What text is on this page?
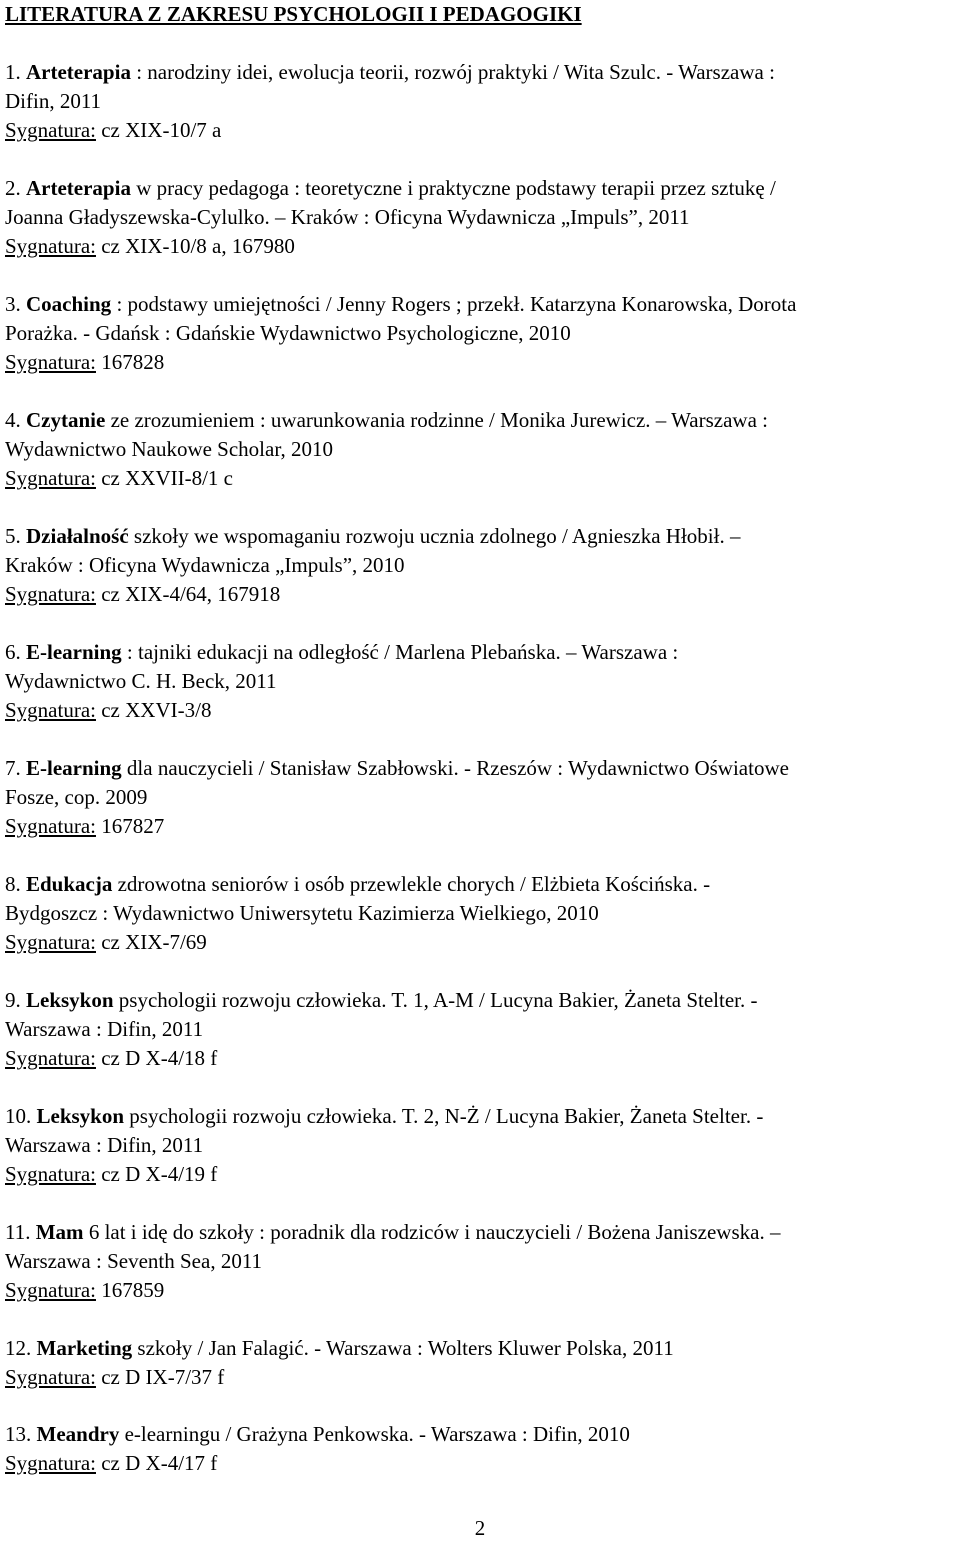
LITERATURA Z ZAKRESU PSYCHOLOGII I PEDAGOGIKI
1. Arteterapia : narodziny idei, ewolucja teorii, rozwój praktyki / Wita Szulc. - Warszawa :
Difin, 2011
Sygnatura: cz XIX-10/7 a
2. Arteterapia w pracy pedagoga : teoretyczne i praktyczne podstawy terapii przez sztukę /
Joanna Gładyszewska-Cylulko. – Kraków : Oficyna Wydawnicza „Impuls”, 2011
Sygnatura: cz XIX-10/8 a, 167980
3. Coaching : podstawy umiejętności / Jenny Rogers ; przekł. Katarzyna Konarowska, Dorota
Porażka. - Gdańsk : Gdańskie Wydawnictwo Psychologiczne, 2010
Sygnatura: 167828
4. Czytanie ze zrozumieniem : uwarunkowania rodzinne / Monika Jurewicz. – Warszawa :
Wydawnictwo Naukowe Scholar, 2010
Sygnatura: cz XXVII-8/1 c
5. Działalność szkoły we wspomaganiu rozwoju ucznia zdolnego / Agnieszka Hłobił. –
Kraków : Oficyna Wydawnicza „Impuls”, 2010
Sygnatura: cz XIX-4/64, 167918
6. E-learning : tajniki edukacji na odległość / Marlena Plebańska. – Warszawa :
Wydawnictwo C. H. Beck, 2011
Sygnatura: cz XXVI-3/8
7. E-learning dla nauczycieli / Stanisław Szabłowski. - Rzeszów : Wydawnictwo Oświatowe
Fosze, cop. 2009
Sygnatura: 167827
8. Edukacja zdrowotna seniorów i osób przewlekle chorych / Elżbieta Kościńska. -
Bydgoszcz : Wydawnictwo Uniwersytetu Kazimierza Wielkiego, 2010
Sygnatura: cz XIX-7/69
9. Leksykon psychologii rozwoju człowieka. T. 1, A-M / Lucyna Bakier, Żaneta Stelter. -
Warszawa : Difin, 2011
Sygnatura: cz D X-4/18 f
10. Leksykon psychologii rozwoju człowieka. T. 2, N-Ż / Lucyna Bakier, Żaneta Stelter. -
Warszawa : Difin, 2011
Sygnatura: cz D X-4/19 f
11. Mam 6 lat i idę do szkoły : poradnik dla rodziców i nauczycieli / Bożena Janiszewska. –
Warszawa : Seventh Sea, 2011
Sygnatura: 167859
12. Marketing szkoły / Jan Falagić. - Warszawa : Wolters Kluwer Polska, 2011
Sygnatura: cz D IX-7/37 f
13. Meandry e-learningu / Grażyna Penkowska. - Warszawa : Difin, 2010
Sygnatura: cz D X-4/17 f
2
